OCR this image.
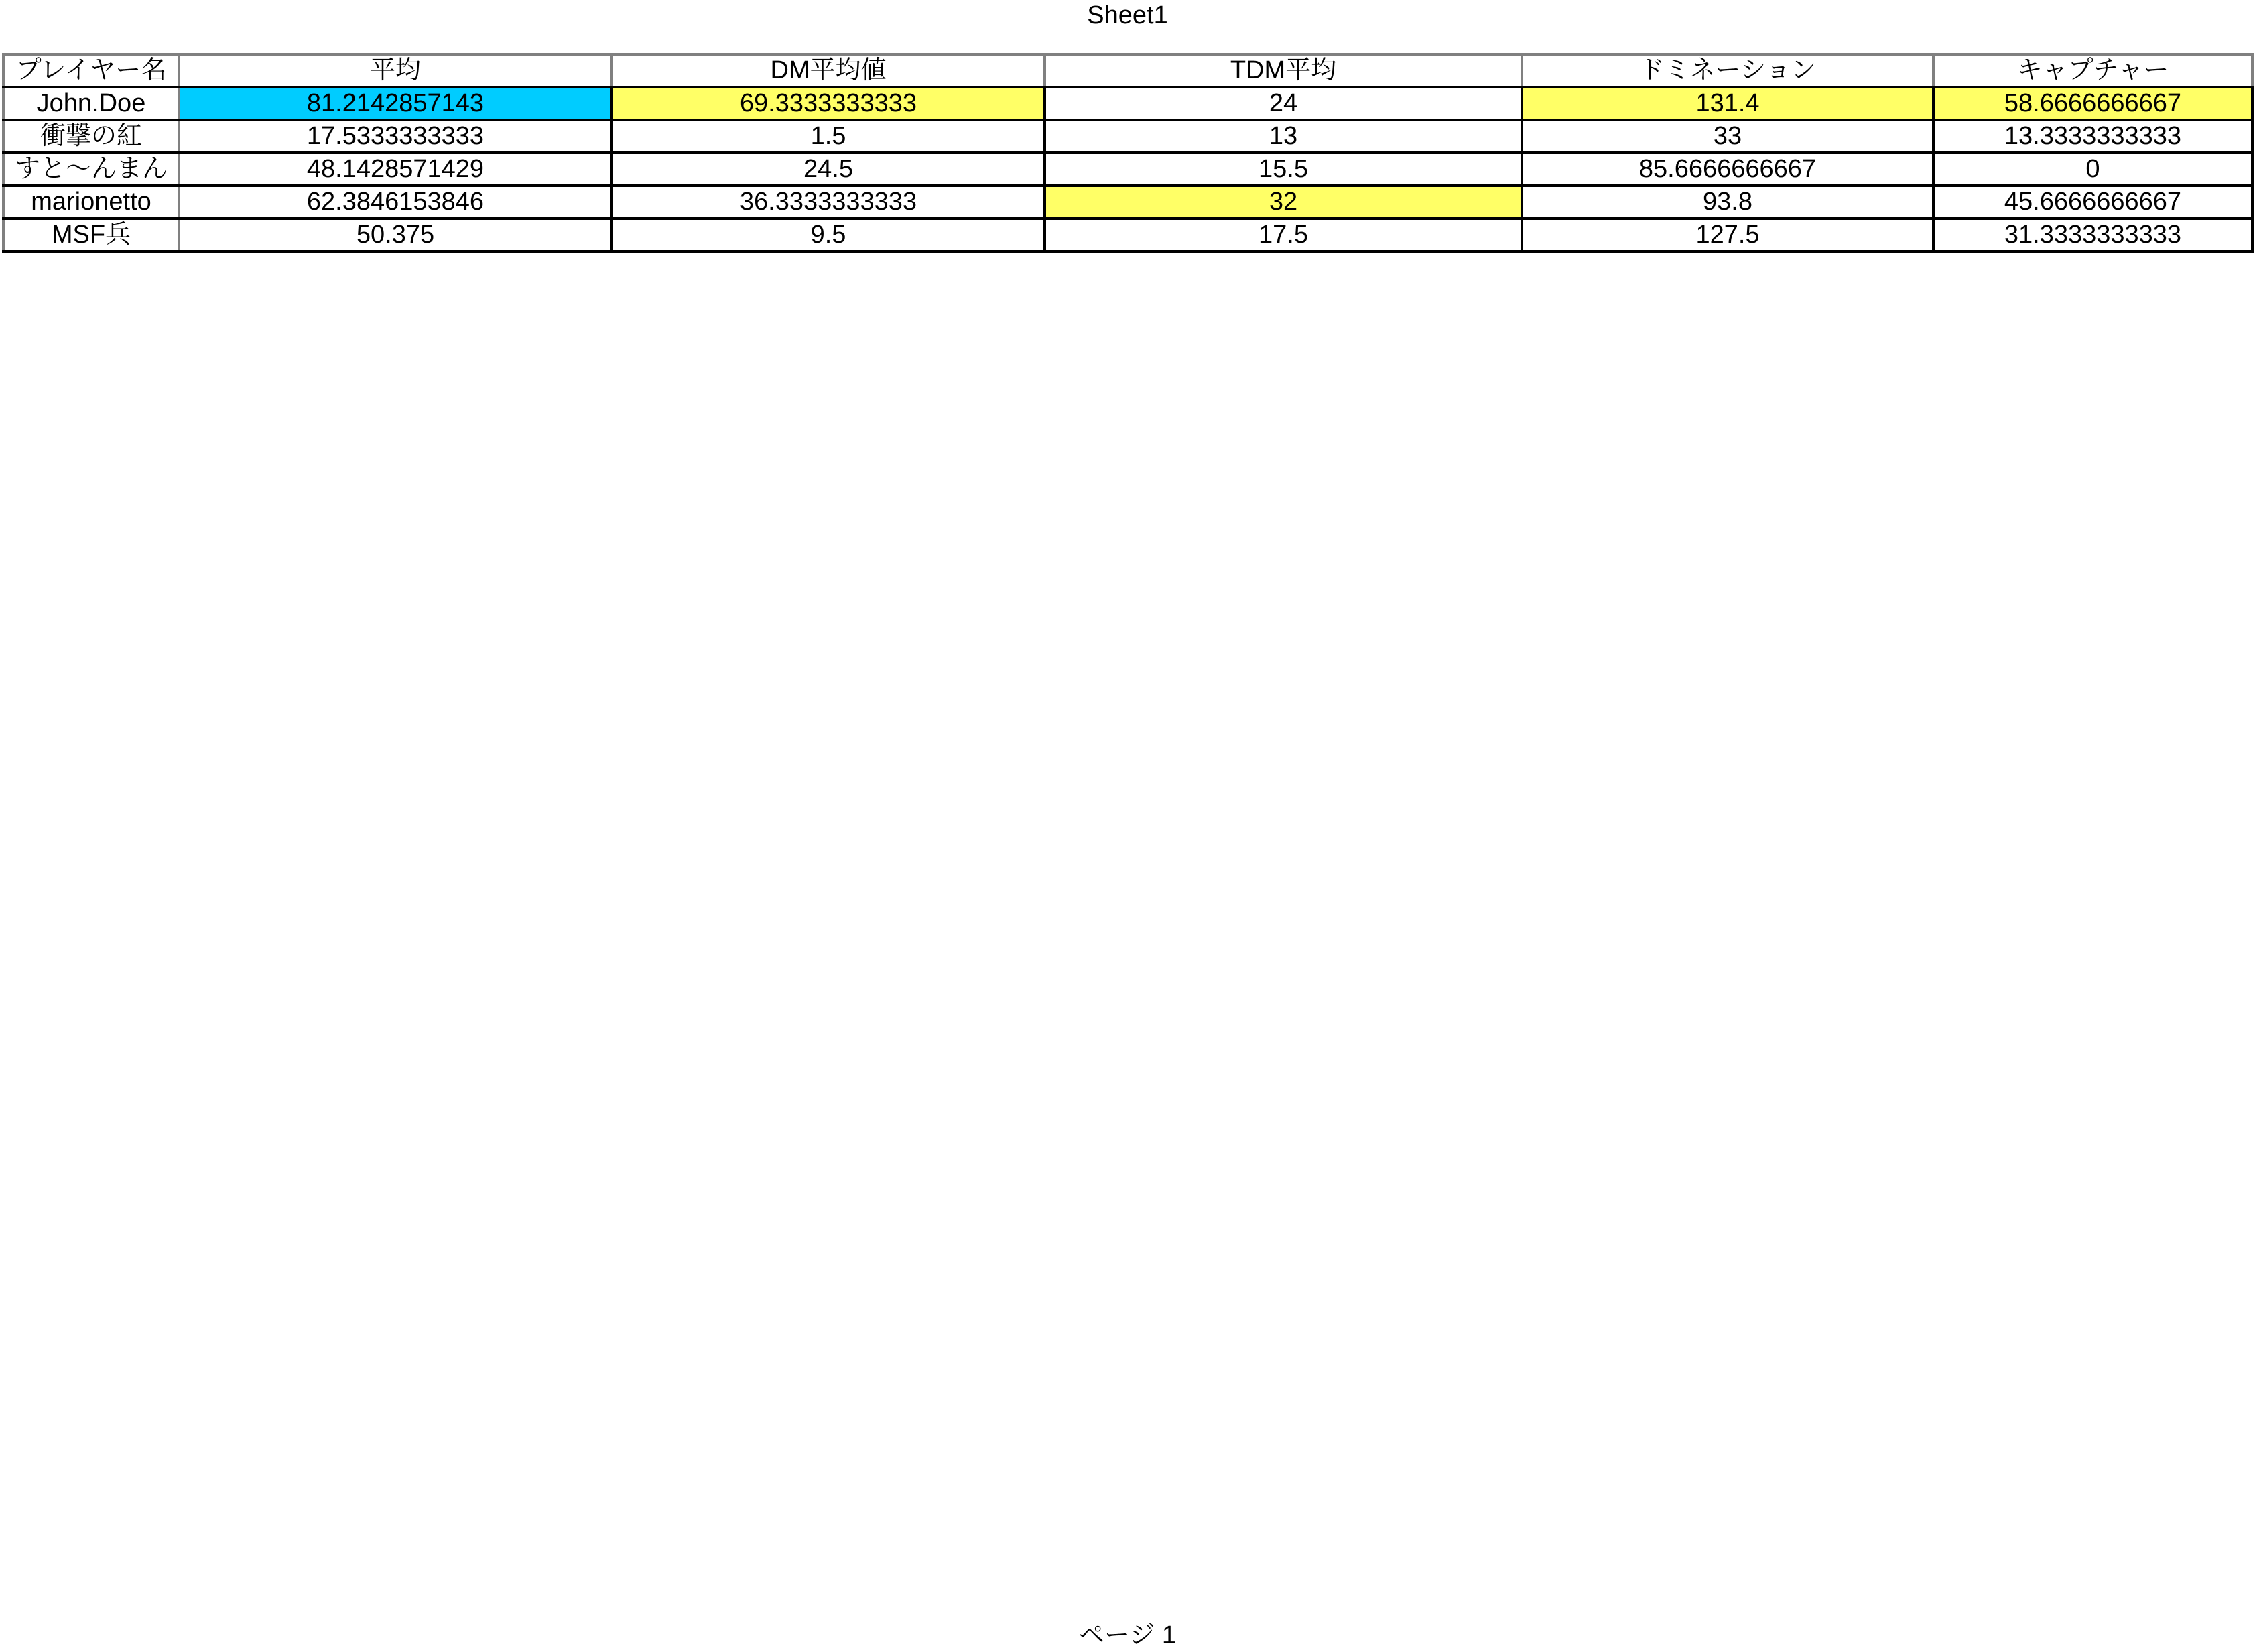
Sheet1
プレイヤー名	平均	DM平均値	TDM平均	ドミネーション	キャプチャー
John.Doe	81.2142857143	69.3333333333	24	131.4	58.6666666667
衝撃の紅	17.5333333333	1.5	13	33	13.3333333333
すと～んまん	48.1428571429	24.5	15.5	85.6666666667	0
marionetto	62.3846153846	36.3333333333	32	93.8	45.6666666667
MSF兵	50.375	9.5	17.5	127.5	31.3333333333
ページ 1
